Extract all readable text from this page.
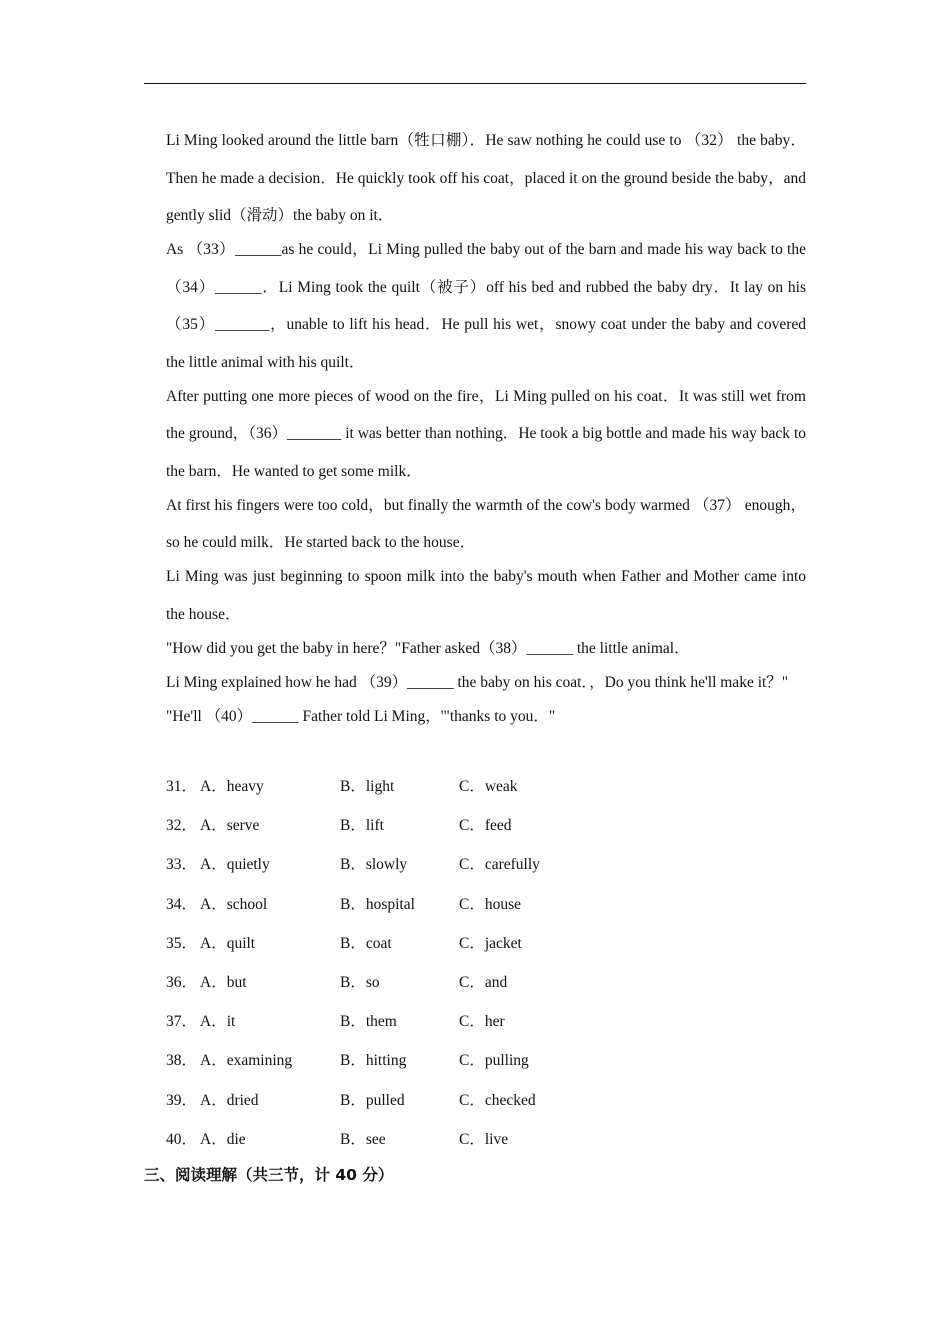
Li Ming looked around the little barn（牲口棚）．He saw nothing he could use to （32） the baby．Then he made a decision．He quickly took off his coat，placed it on the ground beside the baby，and gently slid（滑动）the baby on it．

As （33）______as he could，Li Ming pulled the baby out of the barn and made his way back to the （34）______．Li Ming took the quilt（被子）off his bed and rubbed the baby dry．It lay on his （35）_______，unable to lift his head．He pull his wet，snowy coat under the baby and covered the little animal with his quilt．

After putting one more pieces of wood on the fire，Li Ming pulled on his coat．It was still wet from the ground，（36）_______ it was better than nothing．He took a big bottle and made his way back to the barn．He wanted to get some milk．

At first his fingers were too cold，but finally the warmth of the cow's body warmed （37） enough，so he could milk．He started back to the house．

Li Ming was just beginning to spoon milk into the baby's mouth when Father and Mother came into the house．

"How did you get the baby in here？"Father asked（38）______ the little animal．

Li Ming explained how he had （39）______ the baby on his coat．，Do you think he'll make it？"

"He'll （40）______ Father told Li Ming，'"thanks to you．"

31． A．heavy	B．light	C．weak
32． A．serve	B．lift	C．feed
33． A．quietly	B．slowly	C．carefully
34． A．school	B．hospital	C．house
35． A．quilt	B．coat	C．jacket
36． A．but	B．so	C．and
37． A．it	B．them	C．her
38． A．examining	B．hitting	C．pulling
39． A．dried	B．pulled	C．checked
40． A．die	B．see	C．live
三、阅读理解（共三节，计 40 分）
